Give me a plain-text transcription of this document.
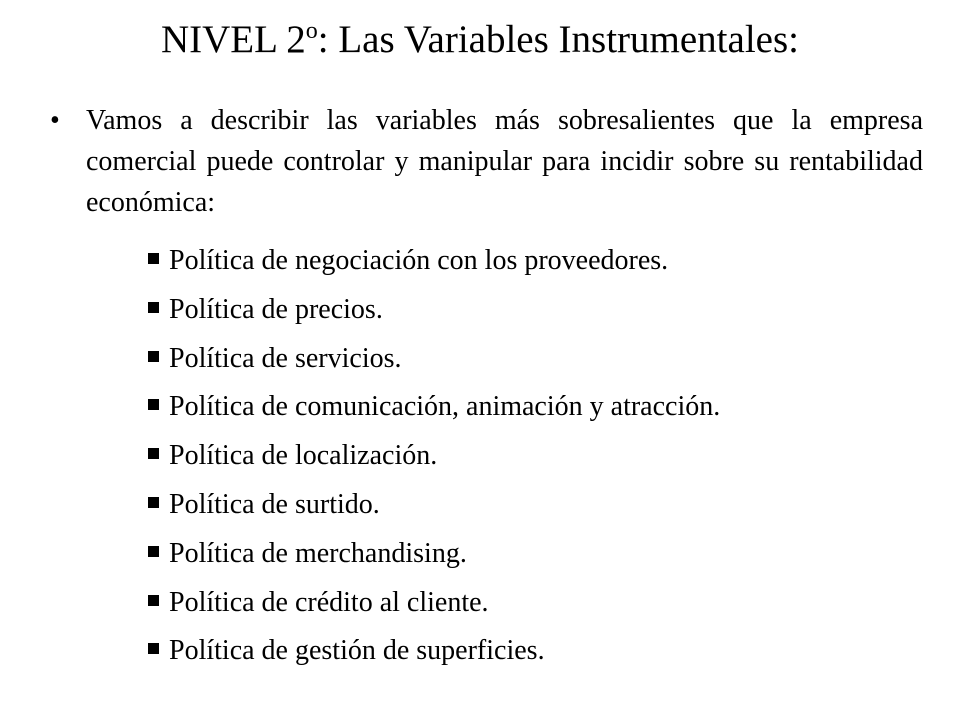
NIVEL 2$^o$: Las Variables Instrumentales:
• Vamos a describir las variables más sobresalientes que la empresa comercial puede controlar y manipular para incidir sobre su rentabilidad económica:
Política de negociación con los proveedores.
Política de precios.
Política de servicios.
Política de comunicación, animación y atracción.
Política de localización.
Política de surtido.
Política de merchandising.
Política de crédito al cliente.
Política de gestión de superficies.
